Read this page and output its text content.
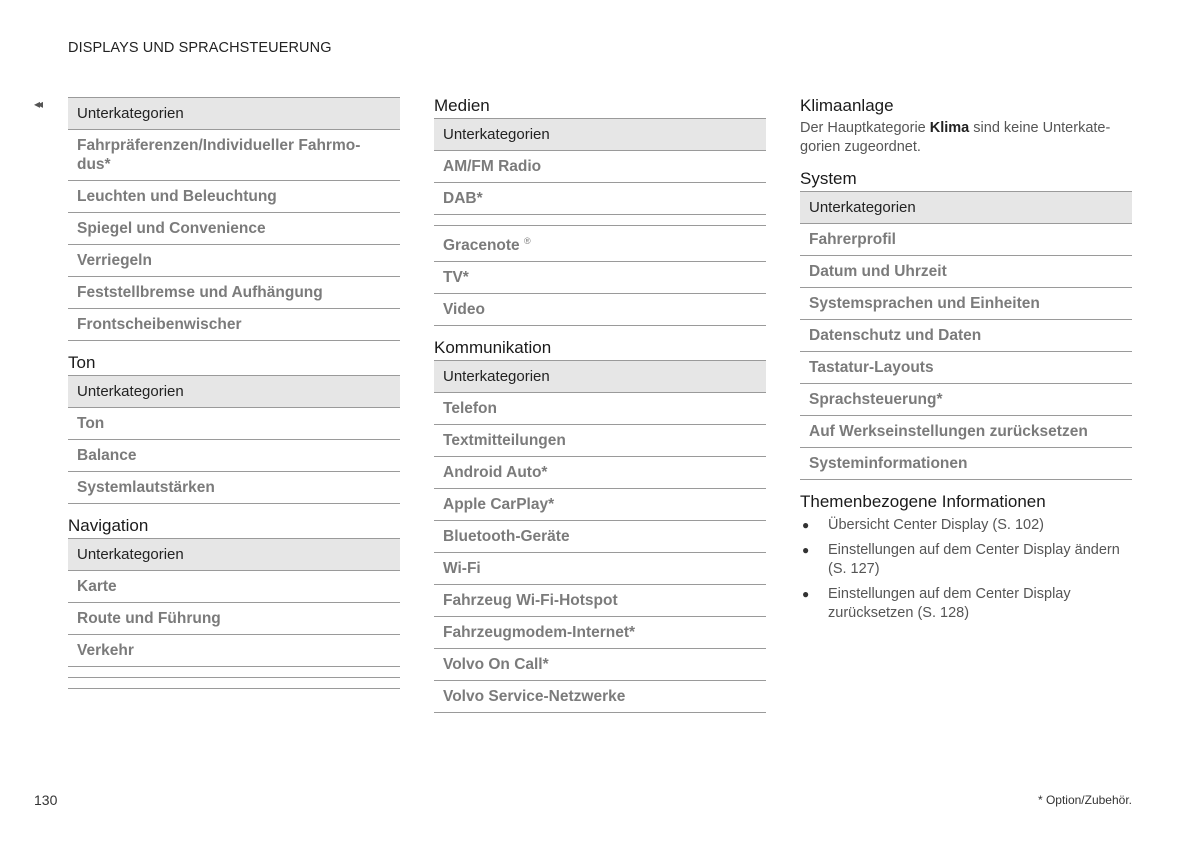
DISPLAYS UND SPRACHSTEUERUNG
◂◂
Unterkategorien
Fahrpräferenzen/Individueller Fahrmo-dus*
Leuchten und Beleuchtung
Spiegel und Convenience
Verriegeln
Feststellbremse und Aufhängung
Frontscheibenwischer
Ton
Unterkategorien
Ton
Balance
Systemlautstärken
Navigation
Unterkategorien
Karte
Route und Führung
Verkehr
Medien
Unterkategorien
AM/FM Radio
DAB*
Gracenote ®
TV*
Video
Kommunikation
Unterkategorien
Telefon
Textmitteilungen
Android Auto*
Apple CarPlay*
Bluetooth-Geräte
Wi-Fi
Fahrzeug Wi-Fi-Hotspot
Fahrzeugmodem-Internet*
Volvo On Call*
Volvo Service-Netzwerke
Klimaanlage

Der Hauptkategorie Klima sind keine Unterkate-gorien zugeordnet.

System
Unterkategorien
Fahrerprofil
Datum und Uhrzeit
Systemsprachen und Einheiten
Datenschutz und Daten
Tastatur-Layouts
Sprachsteuerung*
Auf Werkseinstellungen zurücksetzen
Systeminformationen
Themenbezogene Informationen
● Übersicht Center Display (S. 102)
● Einstellungen auf dem Center Display ändern (S. 127)
● Einstellungen auf dem Center Display zurücksetzen (S. 128)
130	* Option/Zubehör.
